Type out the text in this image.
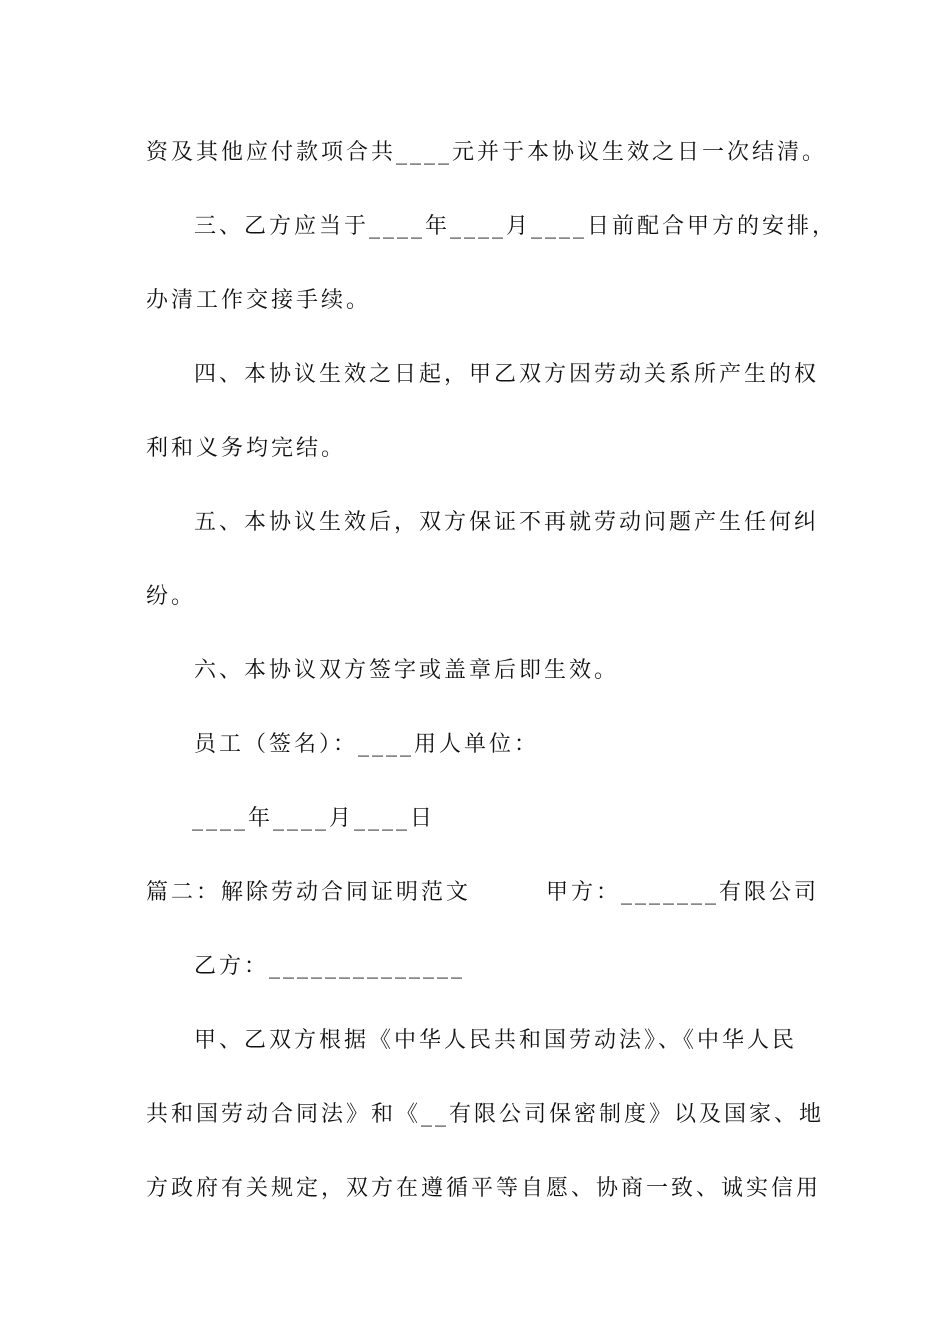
资及其他应付款项合共____元并于本协议生效之日一次结清。
三、乙方应当于____年____月____日前配合甲方的安排，
办清工作交接手续。
四、本协议生效之日起，甲乙双方因劳动关系所产生的权
利和义务均完结。
五、本协议生效后，双方保证不再就劳动问题产生任何纠
纷。
六、本协议双方签字或盖章后即生效。
员工（签名）：____用人单位：
____年____月____日
篇二：解除劳动合同证明范文　　　甲方：_______有限公司
乙方：______________
甲、乙双方根据《中华人民共和国劳动法》、《中华人民
共和国劳动合同法》和《__有限公司保密制度》以及国家、地
方政府有关规定，双方在遵循平等自愿、协商一致、诚实信用
